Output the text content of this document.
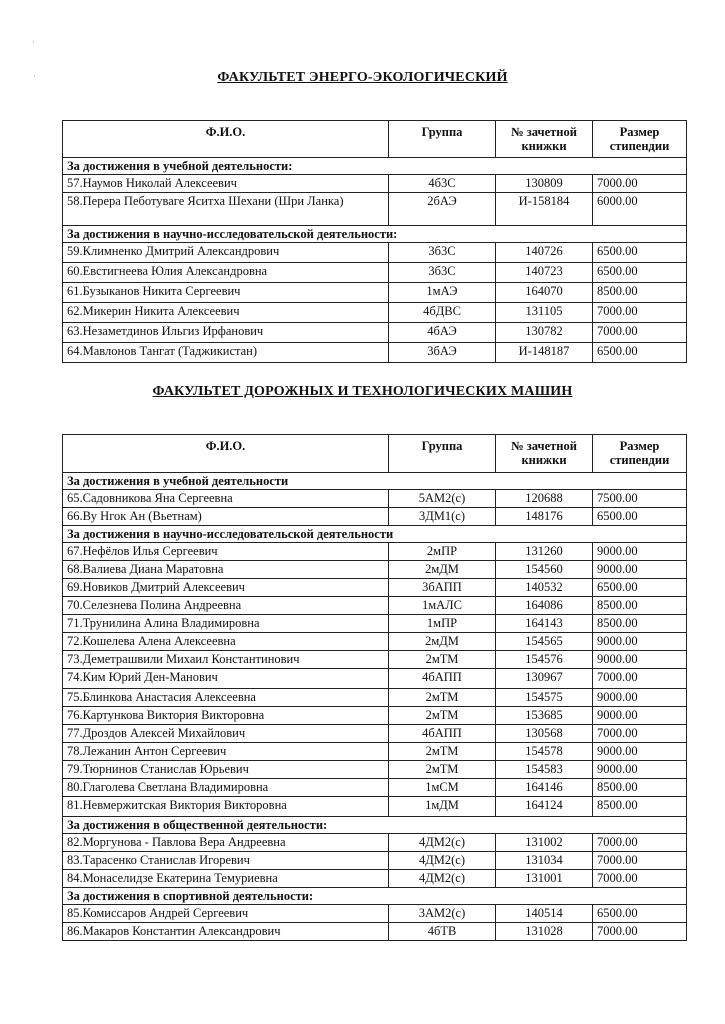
·
·	ФАКУЛЬТЕТ ЭНЕРГО-ЭКОЛОГИЧЕСКИЙ
Ф.И.О.	Группа	№ зачетной книжки	Размер стипендии
За достижения в учебной деятельности:			
57.Наумов Николай Алексеевич	4б3С	130809	7000.00
58.Перера Пеботуваге Яситха Шехани (Шри Ланка)	2бАЭ	И-158184	6000.00
За достижения в научно-исследовательской деятельности:			
59.Климненко Дмитрий Александрович	3б3С	140726	6500.00
60.Евстигнеева Юлия Александровна	3б3С	140723	6500.00
61.Бузыканов Никита Сергеевич	1мАЭ	164070	8500.00
62.Микерин Никита Алексеевич	4бДВС	131105	7000.00
63.Незаметдинов Ильгиз Ирфанович	4бАЭ	130782	7000.00
64.Мавлонов Тангат (Таджикистан)	3бАЭ	И-148187	6500.00
ФАКУЛЬТЕТ ДОРОЖНЫХ И ТЕХНОЛОГИЧЕСКИХ МАШИН
Ф.И.О.	Группа	№ зачетной книжки	Размер стипендии
За достижения в учебной деятельности			
65.Садовникова Яна Сергеевна	5АМ2(с)	120688	7500.00
66.Ву Нгок Ан (Вьетнам)	3ДМ1(с)	148176	6500.00
За достижения в научно-исследовательской деятельности			
67.Нефёлов Илья Сергеевич	2мПР	131260	9000.00
68.Валиева Диана Маратовна	2мДМ	154560	9000.00
69.Новиков Дмитрий Алексеевич	3бАПП	140532	6500.00
70.Селезнева Полина Андреевна	1мАЛС	164086	8500.00
71.Трунилина Алина Владимировна	1мПР	164143	8500.00
72.Кошелева Алена Алексеевна	2мДМ	154565	9000.00
73.Деметрашвили Михаил Константинович	2мТМ	154576	9000.00
74.Ким Юрий Ден-Манович	4бАПП	130967	7000.00
75.Блинкова Анастасия Алексеевна	2мТМ	154575	9000.00
76.Картункова Виктория Викторовна	2мТМ	153685	9000.00
77.Дроздов Алексей Михайлович	4бАПП	130568	7000.00
78.Лежанин Антон Сергеевич	2мТМ	154578	9000.00
79.Тюрнинов Станислав Юрьевич	2мТМ	154583	9000.00
80.Глаголева Светлана Владимировна	1мСМ	164146	8500.00
81.Невмержитская Виктория Викторовна	1мДМ	164124	8500.00
За достижения в общественной деятельности:			
82.Моргунова - Павлова Вера Андреевна	4ДМ2(с)	131002	7000.00
83.Тарасенко Станислав Игоревич	4ДМ2(с)	131034	7000.00
84.Монаселидзе Екатерина Темуриевна	4ДМ2(с)	131001	7000.00
За достижения в спортивной деятельности:			
85.Комиссаров Андрей Сергеевич	3АМ2(с)	140514	6500.00
86.Макаров Константин Александрович	4бТВ	131028	7000.00
